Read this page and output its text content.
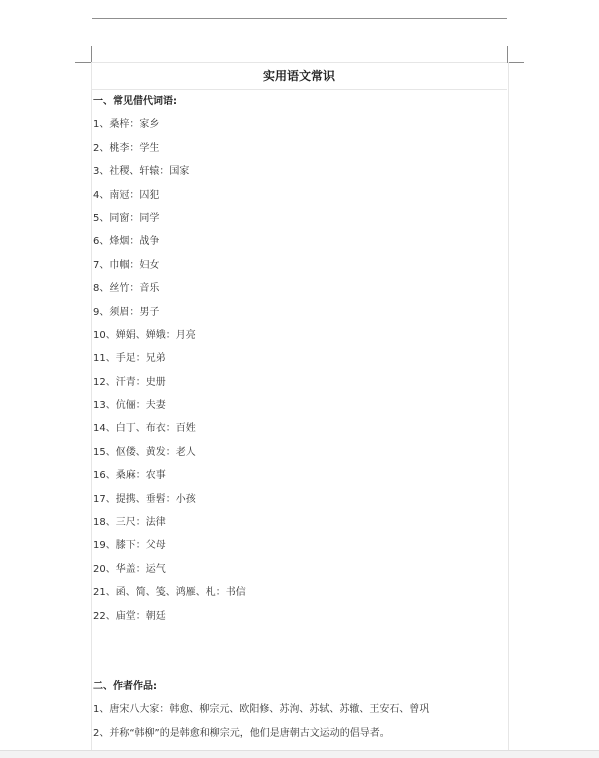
实用语文常识
一、常见借代词语:
1、桑梓：家乡
2、桃李：学生
3、社稷、轩辕：国家
4、南冠：囚犯
5、同窗：同学
6、烽烟：战争
7、巾帼：妇女
8、丝竹：音乐
9、须眉：男子
10、婵娟、婵娥：月亮
11、手足：兄弟
12、汗青：史册
13、伉俪：夫妻
14、白丁、布衣：百姓
15、伛偻、黄发：老人
16、桑麻：农事
17、提携、垂髫：小孩
18、三尺：法律
19、膝下：父母
20、华盖：运气
21、函、简、笺、鸿雁、札：书信
22、庙堂：朝廷
二、作者作品:
1、唐宋八大家：韩愈、柳宗元、欧阳修、苏洵、苏轼、苏辙、王安石、曾巩
2、并称“韩柳”的是韩愈和柳宗元，他们是唐朝古文运动的倡导者。
